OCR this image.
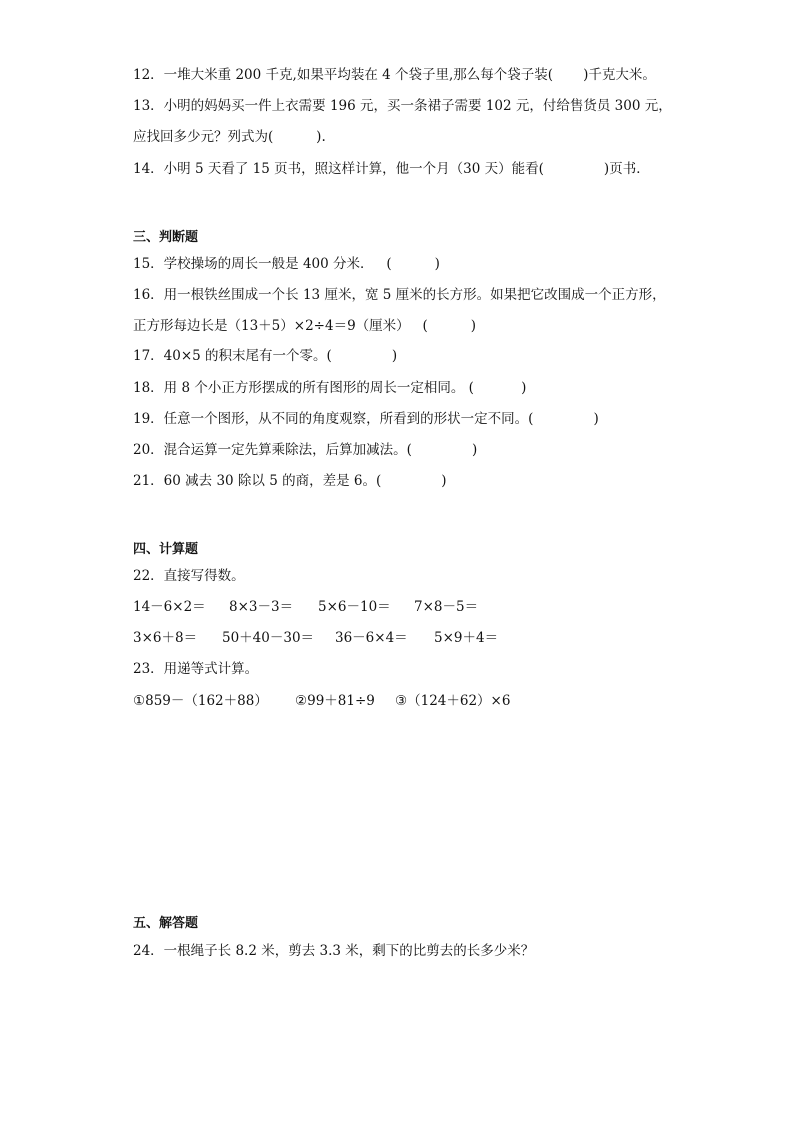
12．一堆大米重 200 千克,如果平均装在 4 个袋子里,那么每个袋子装(       )千克大米。
13．小明的妈妈买一件上衣需要 196 元，买一条裙子需要 102 元，付给售货员 300 元，
应找回多少元？列式为(          ).
14．小明 5 天看了 15 页书，照这样计算，他一个月（30 天）能看(              )页书．
三、判断题
15．学校操场的周长一般是 400 分米．   (          )
16．用一根铁丝围成一个长 13 厘米，宽 5 厘米的长方形。如果把它改围成一个正方形，
正方形每边长是（13＋5）×2÷4＝9（厘米）   (          )
17．40×5 的积末尾有一个零。(              )
18．用 8 个小正方形摆成的所有图形的周长一定相同。 (           )
19．任意一个图形，从不同的角度观察，所看到的形状一定不同。(              )
20．混合运算一定先算乘除法，后算加减法。(              )
21．60 减去 30 除以 5 的商，差是 6。(              )
四、计算题
22．直接写得数。
14－6×2＝ 8×3－3＝ 5×6－10＝ 7×8－5＝
3×6＋8＝ 50＋40－30＝ 36－6×4＝ 5×9＋4＝
23．用递等式计算。
①859－（162＋88） ②99＋81÷9 ③（124＋62）×6
五、解答题
24．一根绳子长 8.2 米，剪去 3.3 米，剩下的比剪去的长多少米？
